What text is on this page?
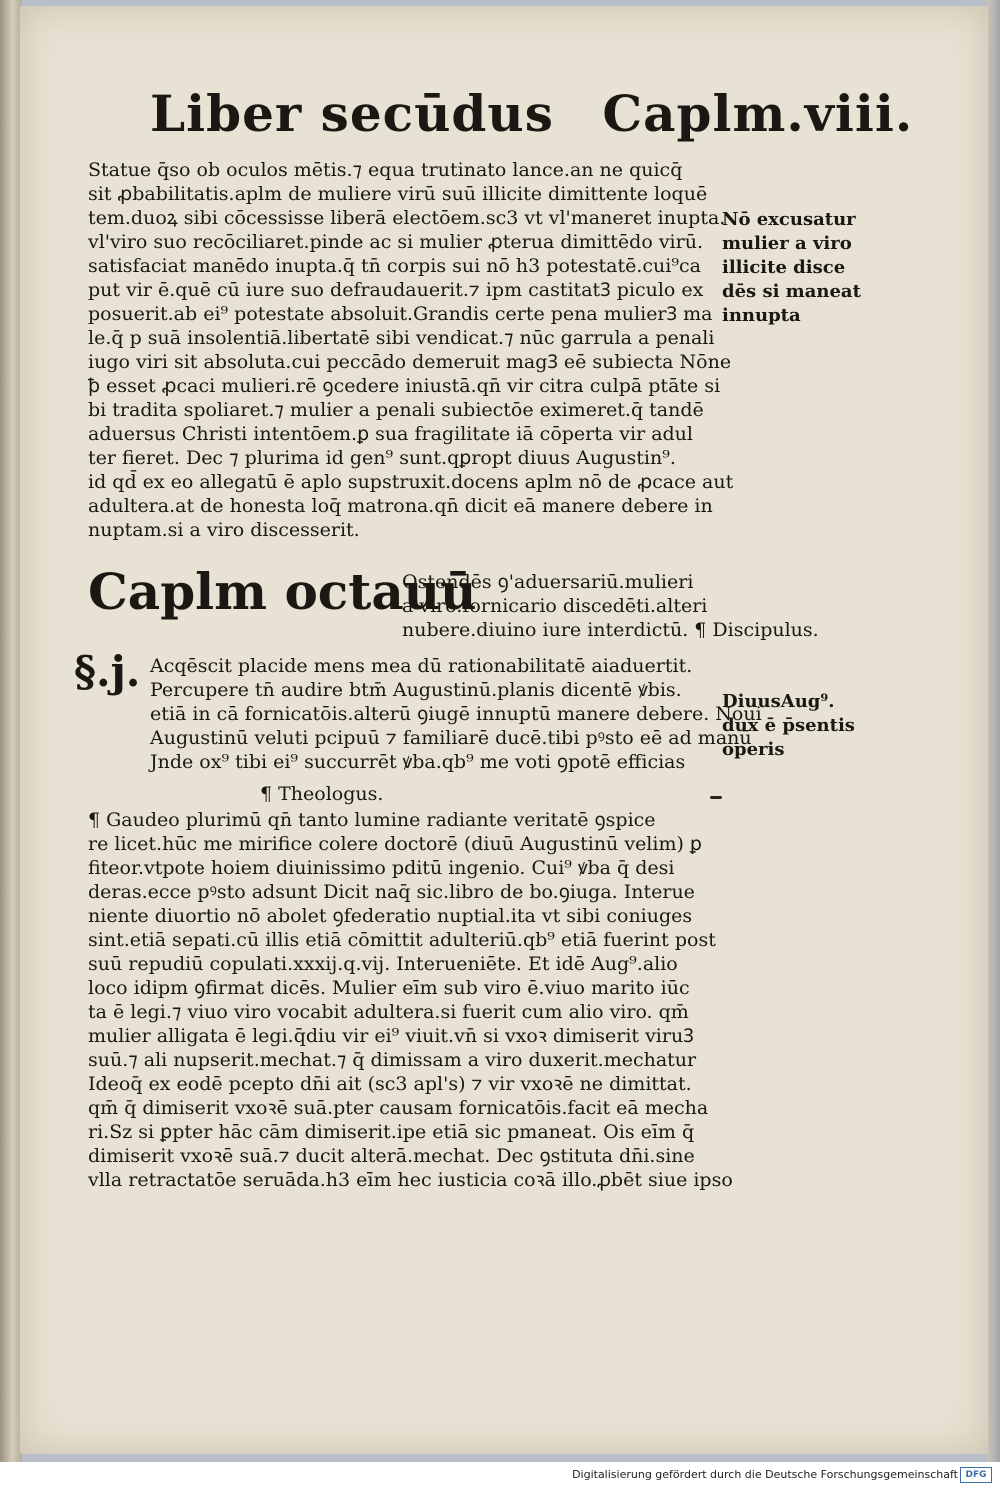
Liber secūdus Caplm.viii.
Statue q̄so ob oculos mētis.⁊ equa trutinato lance.an ne quicq̄
sit ꝓbabilitatis.aplm de muliere virū suū illicite dimittente loquē
tem.duoꝝ sibi cōcessisse liberā electōem.sc3 vt vl'maneret inupta.
vl'viro suo recōciliaret.pinde ac si mulier ꝓterua dimittēdo virū.
satisfaciat manēdo inupta.q̄ tn̄ corpis sui nō h3 potestatē.cui⁹ca
put vir ē.quē cū iure suo defraudauerit.⁊ ipm castitatꝪ piculo ex
posuerit.ab ei⁹ potestate absoluit.Grandis certe pena mulierꝪ ma
le.q̄ p suā insolentiā.libertatē sibi vendicat.⁊ nūc garrula a penali
iugo viri sit absoluta.cui peccādo demeruit magꝪ eē subiecta Nōne
ꝥ esset ꝓcaci mulieri.rē ꝯcedere iniustā.qn̄ vir citra culpā ptāte si
bi tradita spoliaret.⁊ mulier a penali subiectōe eximeret.q̄ tandē
aduersus Christi intentōem.ꝑ sua fragilitate iā cōperta vir adul
ter fieret. Dec ⁊ plurima id gen⁹ sunt.qꝑropt diuus Augustin⁹.
id qd̄ ex eo allegatū ē aplo supstruxit.docens aplm nō de ꝓcace aut
adultera.at de honesta loq̄ matrona.qn̄ dicit eā manere debere in
nuptam.si a viro discesserit.
Caplm octauū
Ostendēs ꝯ'aduersariū.mulieri
a viro.fornicario discedēti.alteri
nubere.diuino iure interdictū. ¶ Discipulus.
§.j. Acqēscit placide mens mea dū rationabilitatē aiaduertit.
Percupere tn̄ audire btm̄ Augustinū.planis dicentē ꝟbis.
etiā in cā fornicatōis.alterū ꝯiugē innuptū manere debere. Noui
Augustinū veluti pcipuū ⁊ familiarē ducē.tibi pꝰsto eē ad manū
Jnde ox⁹ tibi ei⁹ succurrēt ꝟba.qb⁹ me voti ꝯpotē efficias
¶ Theologus.
¶ Gaudeo plurimū qn̄ tanto lumine radiante veritatē ꝯspice
re licet.hūc me mirifice colere doctorē (diuū Augustinū velim) ꝑ
fiteor.vtpote hoiem diuinissimo pditū ingenio. Cui⁹ ꝟba q̄ desi
deras.ecce pꝰsto adsunt Dicit naq̄ sic.libro de bo.ꝯiuga. Interue
niente diuortio nō abolet ꝯfederatio nuptial.ita vt sibi coniuges
sint.etiā sepati.cū illis etiā cōmittit adulteriū.qb⁹ etiā fuerint post
suū repudiū copulati.xxxij.q.vij. Interueniēte. Et idē Aug⁹.alio
loco idipm ꝯfirmat dicēs. Mulier eīm sub viro ē.viuo marito iūc
ta ē legi.⁊ viuo viro vocabit adultera.si fuerit cum alio viro. qm̄
mulier alligata ē legi.q̄diu vir ei⁹ viuit.vn̄ si vxoꝛ dimiserit viruꝪ
suū.⁊ ali nupserit.mechat.⁊ q̄ dimissam a viro duxerit.mechatur
Ideoq̄ ex eodē pcepto dn̄i ait (sc3 apl's) ⁊ vir vxoꝛē ne dimittat.
qm̄ q̄ dimiserit vxoꝛē suā.pter causam fornicatōis.facit eā mecha
ri.Sz si ꝑpter hāc cām dimiserit.ipe etiā sic pmaneat. Ois eīm q̄
dimiserit vxoꝛē suā.⁊ ducit alterā.mechat. Dec ꝯstituta dn̄i.sine
vlla retractatōe seruāda.h3 eīm hec iusticia coꝛā illo.ꝓbēt siue ipso
Nō excusatur
mulier a viro
illicite disce
dēs si maneat
innupta
DiuusAug⁹.
dux ē p̄sentis
operis
Digitalisierung gefördert durch die Deutsche Forschungsgemeinschaft DFG
